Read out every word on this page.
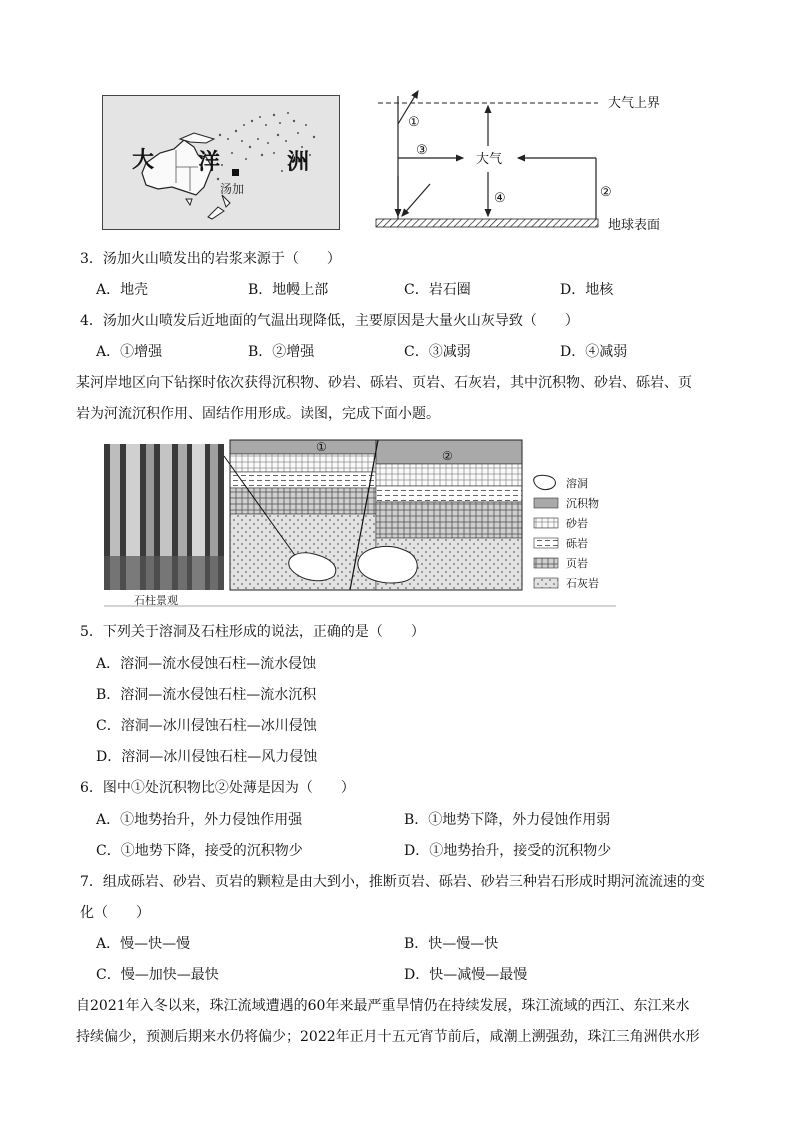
大 洋	洲
汤加
大气上界
地球表面
①
③
大气
④	②
3．汤加火山喷发出的岩浆来源于（　　）
A．地壳	B．地幔上部	C．岩石圈	D．地核
4．汤加火山喷发后近地面的气温出现降低，主要原因是大量火山灰导致（　　）
A．①增强	B．②增强	C．③减弱	D．④减弱
某河岸地区向下钻探时依次获得沉积物、砂岩、砾岩、页岩、石灰岩，其中沉积物、砂岩、砾岩、页
岩为河流沉积作用、固结作用形成。读图，完成下面小题。
石柱景观
①
②
溶洞
沉积物
砂岩
砾岩
页岩
石灰岩
5．下列关于溶洞及石柱形成的说法，正确的是（　　）
A．溶洞—流水侵蚀石柱—流水侵蚀
B．溶洞—流水侵蚀石柱—流水沉积
C．溶洞—冰川侵蚀石柱—冰川侵蚀
D．溶洞—冰川侵蚀石柱—风力侵蚀
6．图中①处沉积物比②处薄是因为（　　）
A．①地势抬升，外力侵蚀作用强	B．①地势下降，外力侵蚀作用弱
C．①地势下降，接受的沉积物少	D．①地势抬升，接受的沉积物少
7．组成砾岩、砂岩、页岩的颗粒是由大到小，推断页岩、砾岩、砂岩三种岩石形成时期河流流速的变
化（　　）
A．慢—快—慢	B．快—慢—快
C．慢—加快—最快	D．快—减慢—最慢
自2021年入冬以来，珠江流域遭遇的60年来最严重旱情仍在持续发展，珠江流域的西江、东江来水
持续偏少，预测后期来水仍将偏少；2022年正月十五元宵节前后，咸潮上溯强劲，珠江三角洲供水形
